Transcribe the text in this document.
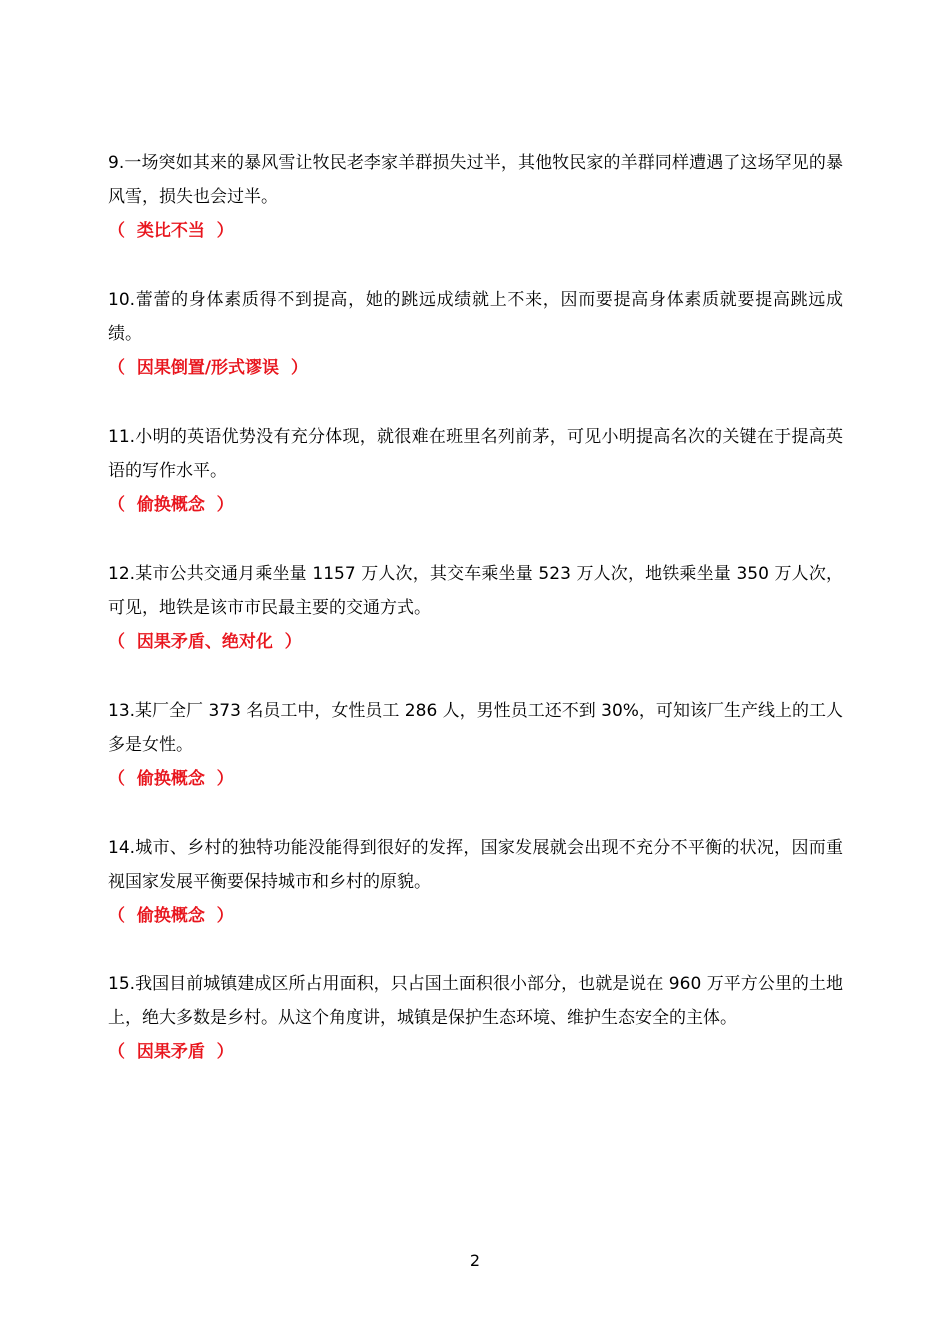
9.一场突如其来的暴风雪让牧民老李家羊群损失过半，其他牧民家的羊群同样遭遇了这场罕见的暴风雪，损失也会过半。

（  类比不当  ）

10.蕾蕾的身体素质得不到提高，她的跳远成绩就上不来，因而要提高身体素质就要提高跳远成绩。

（  因果倒置/形式谬误  ）

11.小明的英语优势没有充分体现，就很难在班里名列前茅，可见小明提高名次的关键在于提高英语的写作水平。

（  偷换概念  ）

12.某市公共交通月乘坐量 1157 万人次，其交车乘坐量 523 万人次，地铁乘坐量 350 万人次，可见，地铁是该市市民最主要的交通方式。

（  因果矛盾、绝对化  ）

13.某厂全厂 373 名员工中，女性员工 286 人，男性员工还不到 30%，可知该厂生产线上的工人多是女性。

（  偷换概念  ）

14.城市、乡村的独特功能没能得到很好的发挥，国家发展就会出现不充分不平衡的状况，因而重视国家发展平衡要保持城市和乡村的原貌。

（  偷换概念  ）

15.我国目前城镇建成区所占用面积，只占国土面积很小部分，也就是说在 960 万平方公里的土地上，绝大多数是乡村。从这个角度讲，城镇是保护生态环境、维护生态安全的主体。

（  因果矛盾  ）

2
